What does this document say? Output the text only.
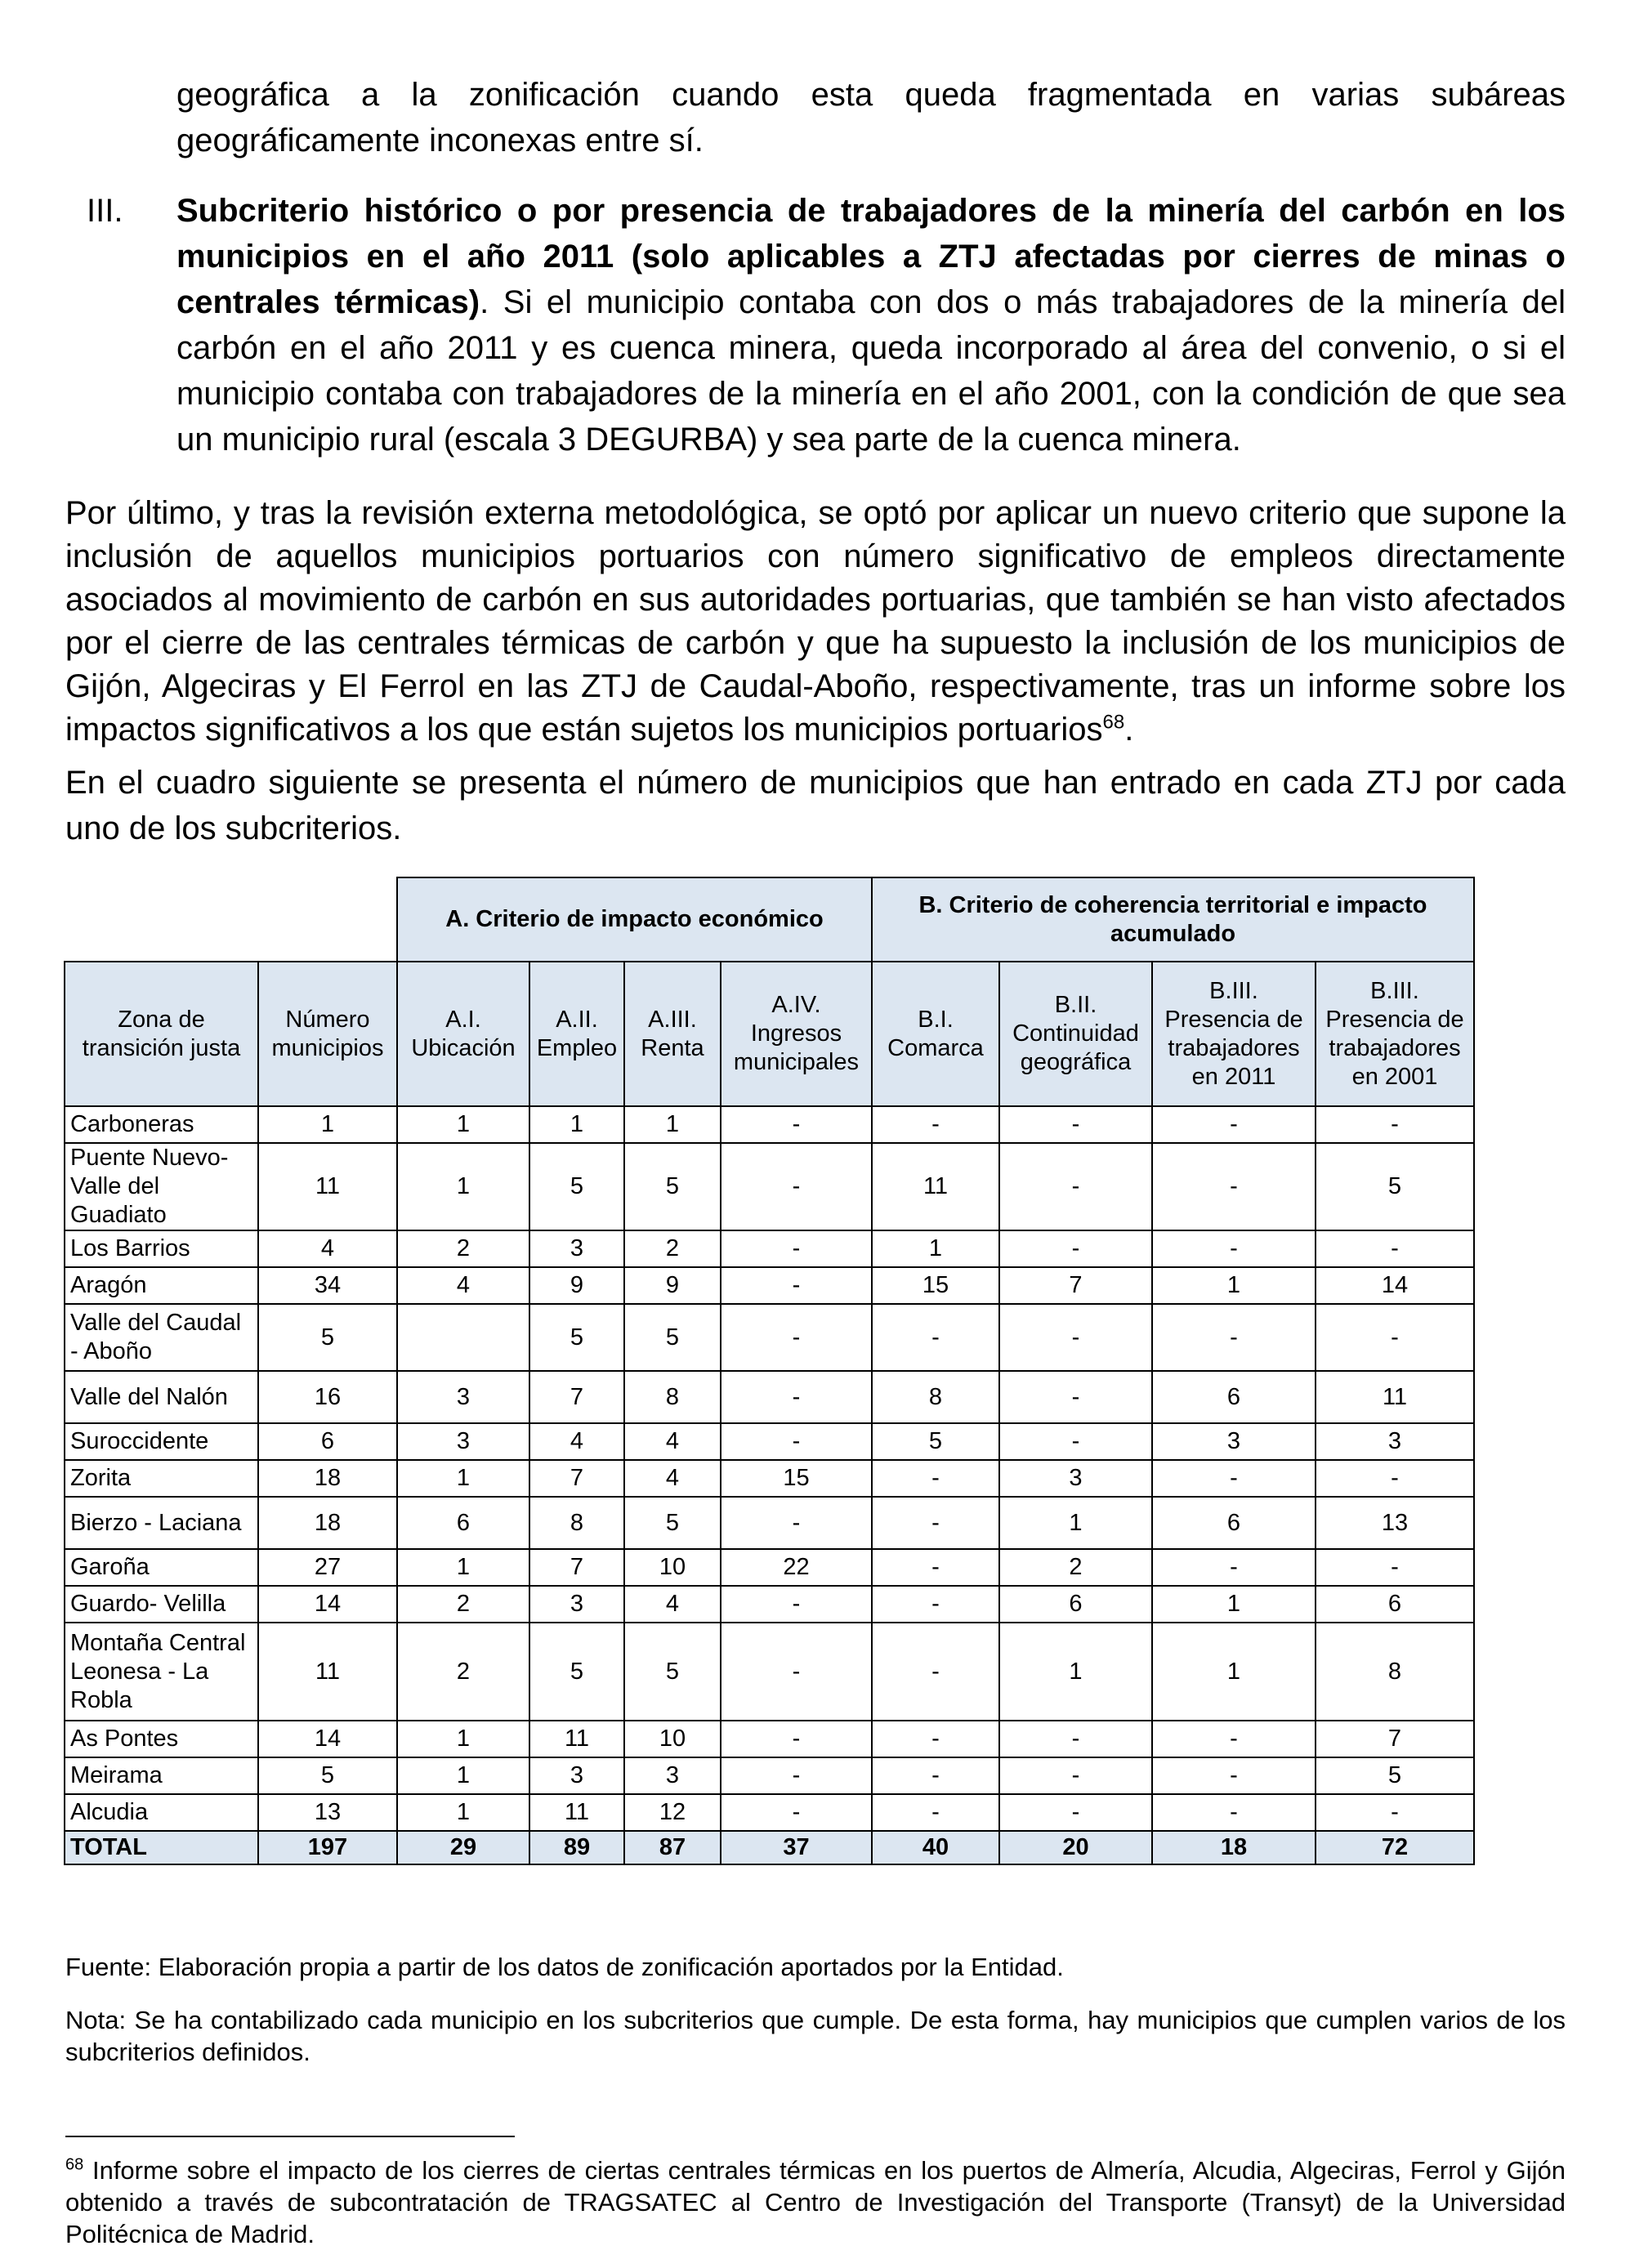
geográfica a la zonificación cuando esta queda fragmentada en varias subáreas geográficamente inconexas entre sí.

III.	Subcriterio histórico o por presencia de trabajadores de la minería del carbón en los municipios en el año 2011 (solo aplicables a ZTJ afectadas por cierres de minas o centrales térmicas). Si el municipio contaba con dos o más trabajadores de la minería del carbón en el año 2011 y es cuenca minera, queda incorporado al área del convenio, o si el municipio contaba con trabajadores de la minería en el año 2001, con la condición de que sea un municipio rural (escala 3 DEGURBA) y sea parte de la cuenca minera.

Por último, y tras la revisión externa metodológica, se optó por aplicar un nuevo criterio que supone la inclusión de aquellos municipios portuarios con número significativo de empleos directamente asociados al movimiento de carbón en sus autoridades portuarias, que también se han visto afectados por el cierre de las centrales térmicas de carbón y que ha supuesto la inclusión de los municipios de Gijón, Algeciras y El Ferrol en las ZTJ de Caudal-Aboño, respectivamente, tras un informe sobre los impactos significativos a los que están sujetos los municipios portuarios$^{68}$.

En el cuadro siguiente se presenta el número de municipios que han entrado en cada ZTJ por cada uno de los subcriterios.

		A. Criterio de impacto económico				B. Criterio de coherencia territorial e impacto acumulado			
Zona de transición justa	Número municipios	A.I. Ubicación	A.II. Empleo	A.III. Renta	A.IV. Ingresos municipales	B.I. Comarca	B.II. Continuidad geográfica	B.III. Presencia de trabajadores en 2011	B.III. Presencia de trabajadores en 2001
Carboneras	1	1	1	1	-	-	-	-	-
Puente Nuevo-Valle del Guadiato	11	1	5	5	-	11	-	-	5
Los Barrios	4	2	3	2	-	1	-	-	-
Aragón	34	4	9	9	-	15	7	1	14
Valle del Caudal - Aboño	5		5	5	-	-	-	-	-
Valle del Nalón	16	3	7	8	-	8	-	6	11
Suroccidente	6	3	4	4	-	5	-	3	3
Zorita	18	1	7	4	15	-	3	-	-
Bierzo - Laciana	18	6	8	5	-	-	1	6	13
Garoña	27	1	7	10	22	-	2	-	-
Guardo- Velilla	14	2	3	4	-	-	6	1	6
Montaña Central Leonesa - La Robla	11	2	5	5	-	-	1	1	8
As Pontes	14	1	11	10	-	-	-	-	7
Meirama	5	1	3	3	-	-	-	-	5
Alcudia	13	1	11	12	-	-	-	-	-
TOTAL	197	29	89	87	37	40	20	18	72

Fuente: Elaboración propia a partir de los datos de zonificación aportados por la Entidad.

Nota: Se ha contabilizado cada municipio en los subcriterios que cumple. De esta forma, hay municipios que cumplen varios de los subcriterios definidos.

$^{68}$ Informe sobre el impacto de los cierres de ciertas centrales térmicas en los puertos de Almería, Alcudia, Algeciras, Ferrol y Gijón obtenido a través de subcontratación de TRAGSATEC al Centro de Investigación del Transporte (Transyt) de la Universidad Politécnica de Madrid.
